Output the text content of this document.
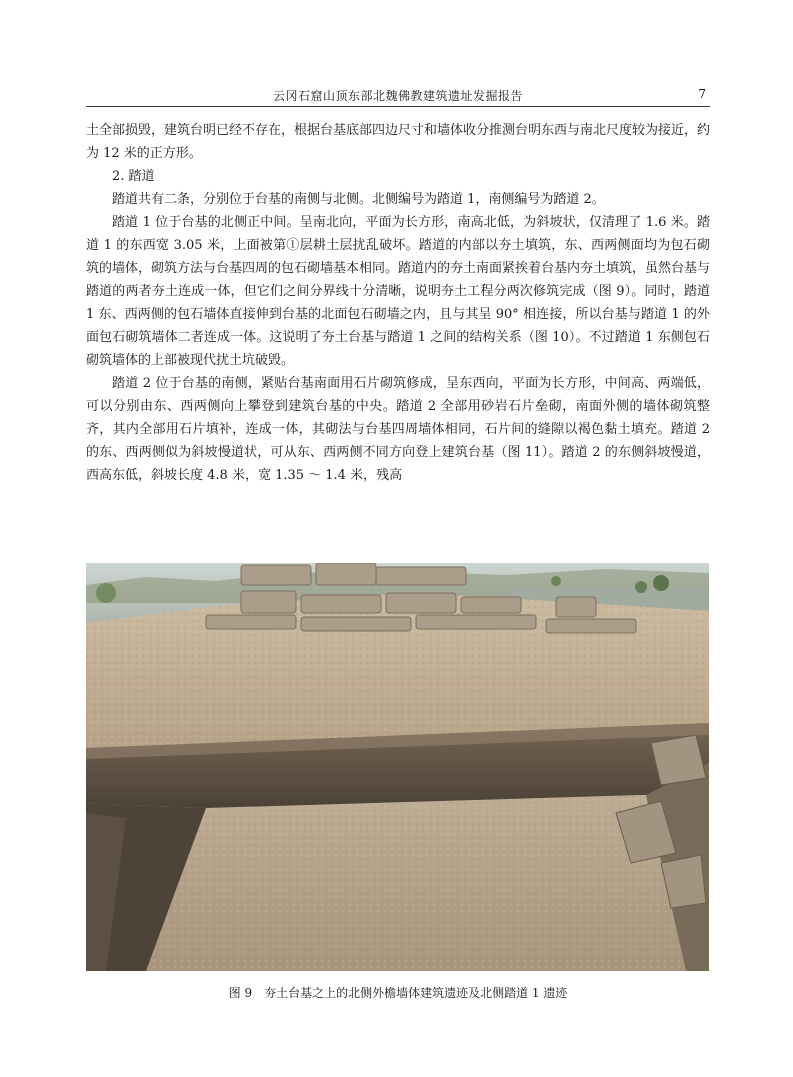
云冈石窟山顶东部北魏佛教建筑遗址发掘报告	7

土全部损毁，建筑台明已经不存在，根据台基底部四边尺寸和墙体收分推测台明东西与南北尺度较为接近，约为 12 米的正方形。

2. 踏道

踏道共有二条，分别位于台基的南侧与北侧。北侧编号为踏道 1，南侧编号为踏道 2。

踏道 1 位于台基的北侧正中间。呈南北向，平面为长方形，南高北低，为斜坡状，仅清理了 1.6 米。踏道 1 的东西宽 3.05 米，上面被第①层耕土层扰乱破坏。踏道的内部以夯土填筑，东、西两侧面均为包石砌筑的墙体，砌筑方法与台基四周的包石砌墙基本相同。踏道内的夯土南面紧挨着台基内夯土填筑，虽然台基与踏道的两者夯土连成一体，但它们之间分界线十分清晰，说明夯土工程分两次修筑完成（图 9）。同时，踏道 1 东、西两侧的包石墙体直接伸到台基的北面包石砌墙之内，且与其呈 90° 相连接，所以台基与踏道 1 的外面包石砌筑墙体二者连成一体。这说明了夯土台基与踏道 1 之间的结构关系（图 10）。不过踏道 1 东侧包石砌筑墙体的上部被现代扰土坑破毁。

踏道 2 位于台基的南侧，紧贴台基南面用石片砌筑修成，呈东西向，平面为长方形，中间高、两端低，可以分别由东、西两侧向上攀登到建筑台基的中央。踏道 2 全部用砂岩石片垒砌，南面外侧的墙体砌筑整齐，其内全部用石片填补，连成一体，其砌法与台基四周墙体相同，石片间的缝隙以褐色黏土填充。踏道 2 的东、西两侧似为斜坡慢道状，可从东、西两侧不同方向登上建筑台基（图 11）。踏道 2 的东侧斜坡慢道，西高东低，斜坡长度 4.8 米，宽 1.35 ～ 1.4 米，残高

图 9　夯土台基之上的北侧外檐墙体建筑遗迹及北侧踏道 1 遗迹
